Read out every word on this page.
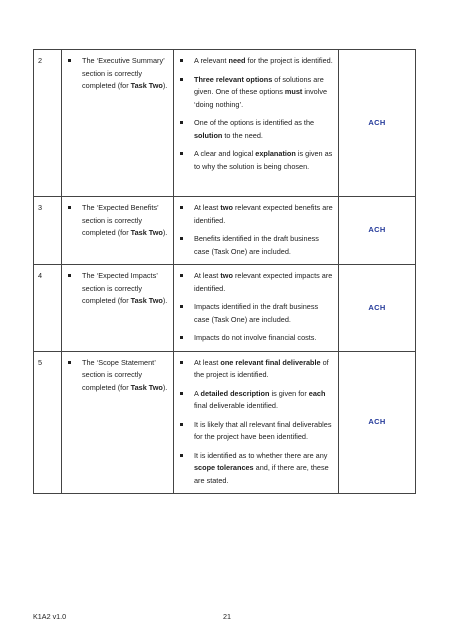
2	The ‘Executive Summary’ section is correctly completed (for Task Two).	A relevant need for the project is identified.
Three relevant options of solutions are given. One of these options must involve ‘doing nothing’.
One of the options is identified as the solution to the need.
A clear and logical explanation is given as to why the solution is being chosen.	ACH
3	The ‘Expected Benefits’ section is correctly completed (for Task Two).	At least two relevant expected benefits are identified.
Benefits identified in the draft business case (Task One) are included.	ACH
4	The ‘Expected Impacts’ section is correctly completed (for Task Two).	At least two relevant expected impacts are identified.
Impacts identified in the draft business case (Task One) are included.
Impacts do not involve financial costs.	ACH
5	The ‘Scope Statement’ section is correctly completed (for Task Two).	At least one relevant final deliverable of the project is identified.
A detailed description is given for each final deliverable identified.
It is likely that all relevant final deliverables for the project have been identified.
It is identified as to whether there are any scope tolerances and, if there are, these are stated.	ACH
K1A2 v1.0	21
